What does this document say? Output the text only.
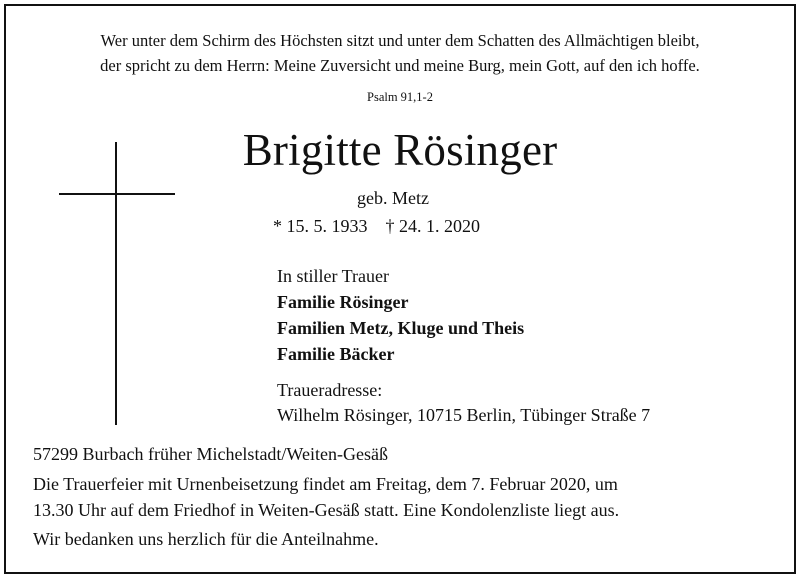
Wer unter dem Schirm des Höchsten sitzt und unter dem Schatten des Allmächtigen bleibt,
der spricht zu dem Herrn: Meine Zuversicht und meine Burg, mein Gott, auf den ich hoffe.
Psalm 91,1-2
Brigitte Rösinger
geb. Metz
* 15. 5. 1933    † 24. 1. 2020
In stiller Trauer
Familie Rösinger
Familien Metz, Kluge und Theis
Familie Bäcker
Traueradresse:
Wilhelm Rösinger, 10715 Berlin, Tübinger Straße 7
57299 Burbach früher Michelstadt/Weiten-Gesäß
Die Trauerfeier mit Urnenbeisetzung findet am Freitag, dem 7. Februar 2020, um
13.30 Uhr auf dem Friedhof in Weiten-Gesäß statt. Eine Kondolenzliste liegt aus.
Wir bedanken uns herzlich für die Anteilnahme.
